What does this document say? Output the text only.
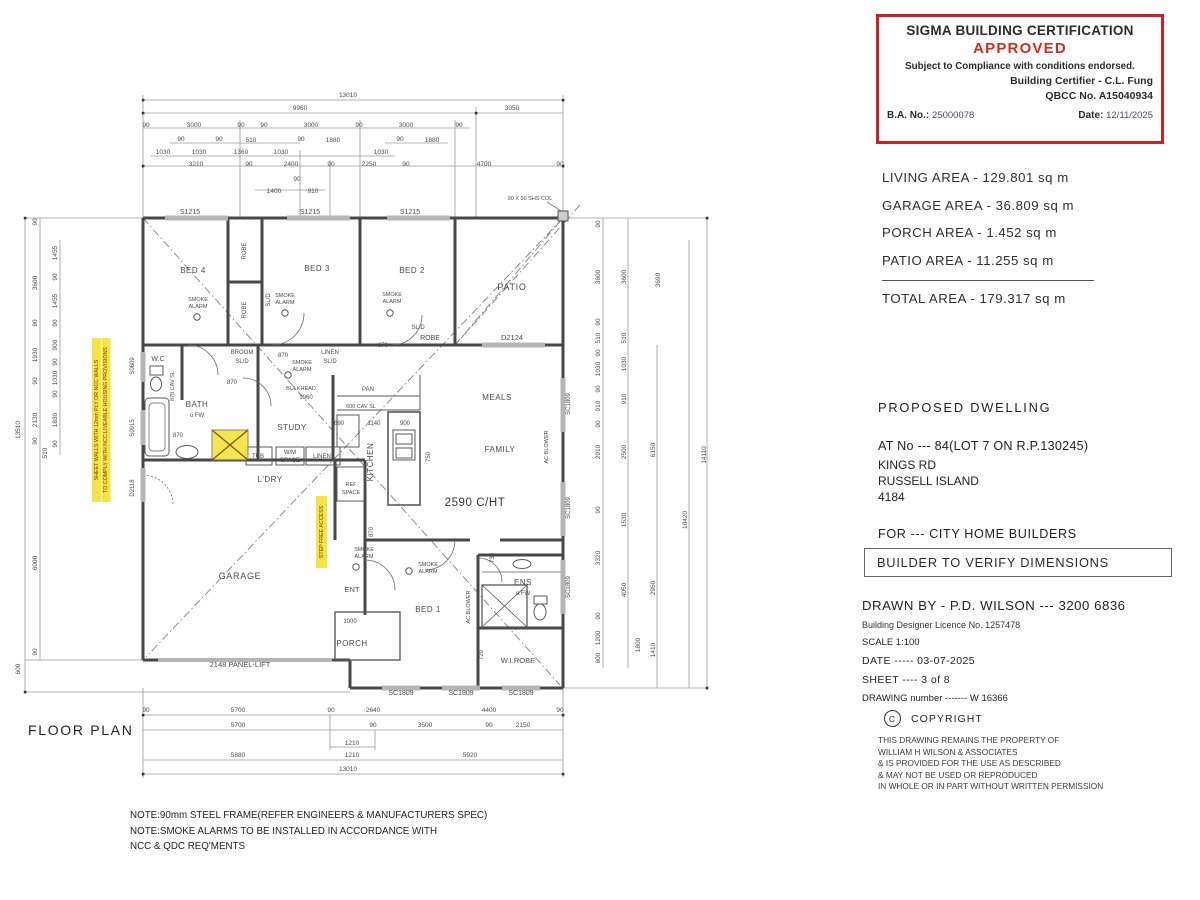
13010
9960	3050
90	3000	90 90	3000	90	3000	90
90	90	510	90	1880	90	1880
1030	1030	1360	1030	1030
3210	90	2400	90	2250	90	4700	90
90
1400	910
90	5700	90	2640	4400	90
5700	90	3500	90	2150
1210
5880	1210	5920
13010
600
13510
90
3600
90
1930
90
2130
90
510
6000
90
1455
90
1455
90
900
90
1030
90
1830
90
90
3600
90
510
90
1030
90
910
90
2910
90
3320
90
1200
600
3600
510
1030
910
2500
1530
4050
1800
3690
6150
2950
1410
10420
14110
S1215	S1215	S1215
S0609
S0915
D2118
SC1809
SC1809
SC1809
SC1809	SC1809	SC1809
D2124
2148 PANEL-LIFT
90 X 90 SHS COL
BED 4	BED 3	BED 2
PATIO
W.C
BATH
o FW
STUDY
L'DRY	KITCHEN
MEALS
FAMILY
GARAGE
ENT
PORCH
BED 1
ENS
o FW
W.I.ROBE
2590 C/HT
ROBE
ROBE
SL/D
ROBE
SL/D
BROOM
SL/D
LINEN
SL/D
870 CAV SL
TUB
W/M
SPACE
LINEN
BULKHEAD	PAN
600 CAV SL
REF
SPACE
AC BLOWER
AC BLOWER
SMOKE
ALARM
SMOKE
ALARM
SMOKE
ALARM
SMOKE
ALARM
SMOKE
ALARM
SMOKE
ALARM
870
870
870
870
870
1000
720
730
690	1140	900
750
1960
SHEET WALLS WITH 12mm PLY OR NCC WALLS TO COMPLY WITH NCC LIVEABLE HOUSING PROVISIONS
STEP FREE ACCESS
FLOOR PLAN
NOTE:90mm STEEL FRAME(REFER ENGINEERS & MANUFACTURERS SPEC)
NOTE:SMOKE ALARMS TO BE INSTALLED IN ACCORDANCE WITH
NCC & QDC REQ'MENTS
SIGMA BUILDING CERTIFICATION
APPROVED
Subject to Compliance with conditions endorsed.
Building Certifier - C.L. Fung
QBCC No. A15040934
B.A. No.: 25000078	Date: 12/11/2025
LIVING AREA - 129.801 sq m
GARAGE AREA - 36.809 sq m
PORCH AREA - 1.452 sq m
PATIO AREA - 11.255 sq m
TOTAL AREA - 179.317 sq m
PROPOSED DWELLING
AT No --- 84(LOT 7 ON R.P.130245)
KINGS RD
RUSSELL ISLAND
4184
FOR --- CITY HOME BUILDERS
BUILDER TO VERIFY DIMENSIONS
DRAWN BY - P.D. WILSON --- 3200 6836
Building Designer Licence No. 1257478
SCALE 1:100
DATE ----- 03-07-2025
SHEET ---- 3 of 8
DRAWING number ------- W 16366
C	COPYRIGHT
THIS DRAWING REMAINS THE PROPERTY OF
WILLIAM H WILSON & ASSOCIATES
& IS PROVIDED FOR THE USE AS DESCRIBED
& MAY NOT BE USED OR REPRODUCED
IN WHOLE OR IN PART WITHOUT WRITTEN PERMISSION
